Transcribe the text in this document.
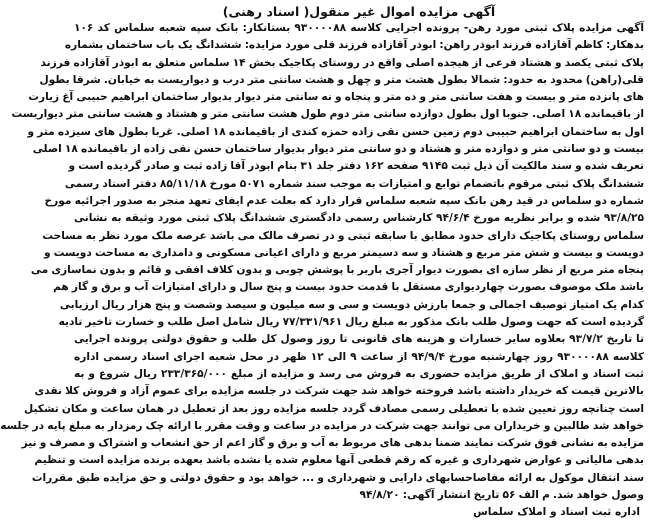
آگهی مزایده اموال غیر منقول( اسناد رهنی)
آگهی مزایده پلاک ثبتی مورد رهن- پرونده اجرایی کلاسه ۹۳۰۰۰۰۸۸ بستانکار: بانک سپه شعبه سلماس کد ۱۰۶
بدهکار: کاظم آقازاده فرزند ابوذر راهن: ابوذر آقازاده فرزند قلی مورد مزایده: ششدانگ یک باب ساختمان بشماره
پلاک ثبتی یکصد و هشتاد فرعی از هیجده اصلی واقع در روستای پکاجیک بخش ۱۴ سلماس متعلق به ابوذر آقازاده فرزند
قلی(راهن) محدود به حدود: شمالا بطول هشت متر و چهل و هشت سانتی متر درب و دیواریست به خیابان. شرقا بطول
های پانزده متر و بیست و هفت سانتی متر و ده متر و پنجاه و نه سانتی متر دیوار بدیوار ساختمان ابراهیم حبیبی آغ زیارت
از باقیمانده ۱۸ اصلی. جنوبا اول بطول دوازده سانتی متر دوم طول هشت سانتی متر و هشتاد و هشت سانتی متر دیواریست
اول به ساختمان ابراهیم حبیبی دوم زمین حسن نقی زاده حمزه کندی از باقیمانده ۱۸ اصلی. غربا بطول های سیزده متر و
بیست و دو سانتی متر و دوازده متر و هشتاد و دو سانتی متر دیوار بدیوار ساختمان حسن نقی زاده از باقیمانده ۱۸ اصلی
تعریف شده و سند مالکیت آن ذیل ثبت ۹۱۴۵ صفحه ۱۶۲ دفتر جلد ۳۱ بنام ابوذر آقا زاده ثبت و صادر گردیده است و
ششدانگ پلاک ثبتی مرقوم باتضمام توابع و امتیازات به موجب سند شماره ۵۰۷۱ مورخ ۸۵/۱۱/۱۸ دفتر اسناد رسمی
شماره دو سلماس در قید رهن بانک سپه شعبه سلماس قرار دارد که بعلت عدم ایفای تعهد منجر به صدور اجرائیه مورخ
۹۳/۸/۲۵ شده و برابر نظریه مورخ ۹۴/۶/۴ کارشناس رسمی دادگستری ششدانگ پلاک ثبتی مورد وثیقه به نشانی
سلماس روستای پکاجیک دارای حدود مطابق با سابقه ثبتی و در تصرف مالک می باشد عرصه ملک مورد نظر به مساحت
دویست و بیست و شش متر مربع و هشتاد و سه دسیمتر مربع و دارای اعیانی مسکونی و دامداری به مساحت دویست و
پنجاه متر مربع از نظر سازه ای بصورت دیوار آجری باربر با پوشش چوبی و بدون کلاف افقی و قائم و بدون نماسازی می
باشد ملک موصوف بصورت چهاردیواری مستقل با قدمت حدود بیست و پنج سال و دارای امتیازات آب و برق و گاز هم
کدام یک امتیاز توصیف اجمالی و جمعا بارزش دویست و سی و سه میلیون و سیصد وشصت و پنج هزار ریال ارزیابی
گردیده است که جهت وصول طلب بانک مذکور به مبلغ ریال ۷۷/۳۳۱/۹۶۱ ریال شامل اصل طلب و خسارت تاخیر تادیه
تا تاریخ ۹۳/۷/۲ بعلاوه سایر خسارات و هزینه های قانونی تا روز وصول کل طلب و حقوق دولتی پرونده اجرایی
کلاسه ۹۳۰۰۰۰۸۸ روز چهارشنبه مورخ ۹۴/۹/۴ از ساعت ۹ الی ۱۲ ظهر در محل شعبه اجرای اسناد رسمی اداره
ثبت اسناد و املاک از طریق مزایده حضوری به فروش می رسد و مزایده از مبلغ ۲۳۳/۳۶۵/۰۰۰ ریال شروع و به
بالاترین قیمت که خریدار داشته باشد فروخته خواهد شد جهت شرکت در جلسه مزایده برای عموم آزاد و فروش کلا نقدی
است چنانچه روز تعیین شده با تعطیلی رسمی مصادف گردد جلسه مزایده روز بعد از تعطیل در همان ساعت و مکان تشکیل
خواهد شد طالبین و خریداران می توانند جهت شرکت در مزایده در ساعت و وقت مقرر با ارائه چک رمزدار به مبلغ پایه در جلسه
مزایده به نشانی فوق شرکت نمایند ضمنا بدهی های مربوط به آب و برق و گاز اعم از حق انشعاب و اشتراک و مصرف و نیز
بدهی مالیاتی و عوارض شهرداری و غیره که رقم قطعی آنها معلوم شده یا نشده باشد بعهده برنده مزایده است و تنظیم
سند انتقال موکول به ارائه مفاصاحسابهای دارایی و شهرداری و ... خواهد بود و حقوق دولتی و حق مزایده طبق مقررات
وصول خواهد شد. م الف ۵۶ تاریخ انتشار آگهی: ۹۴/۸/۲۰
اداره ثبت اسناد و املاک سلماس
